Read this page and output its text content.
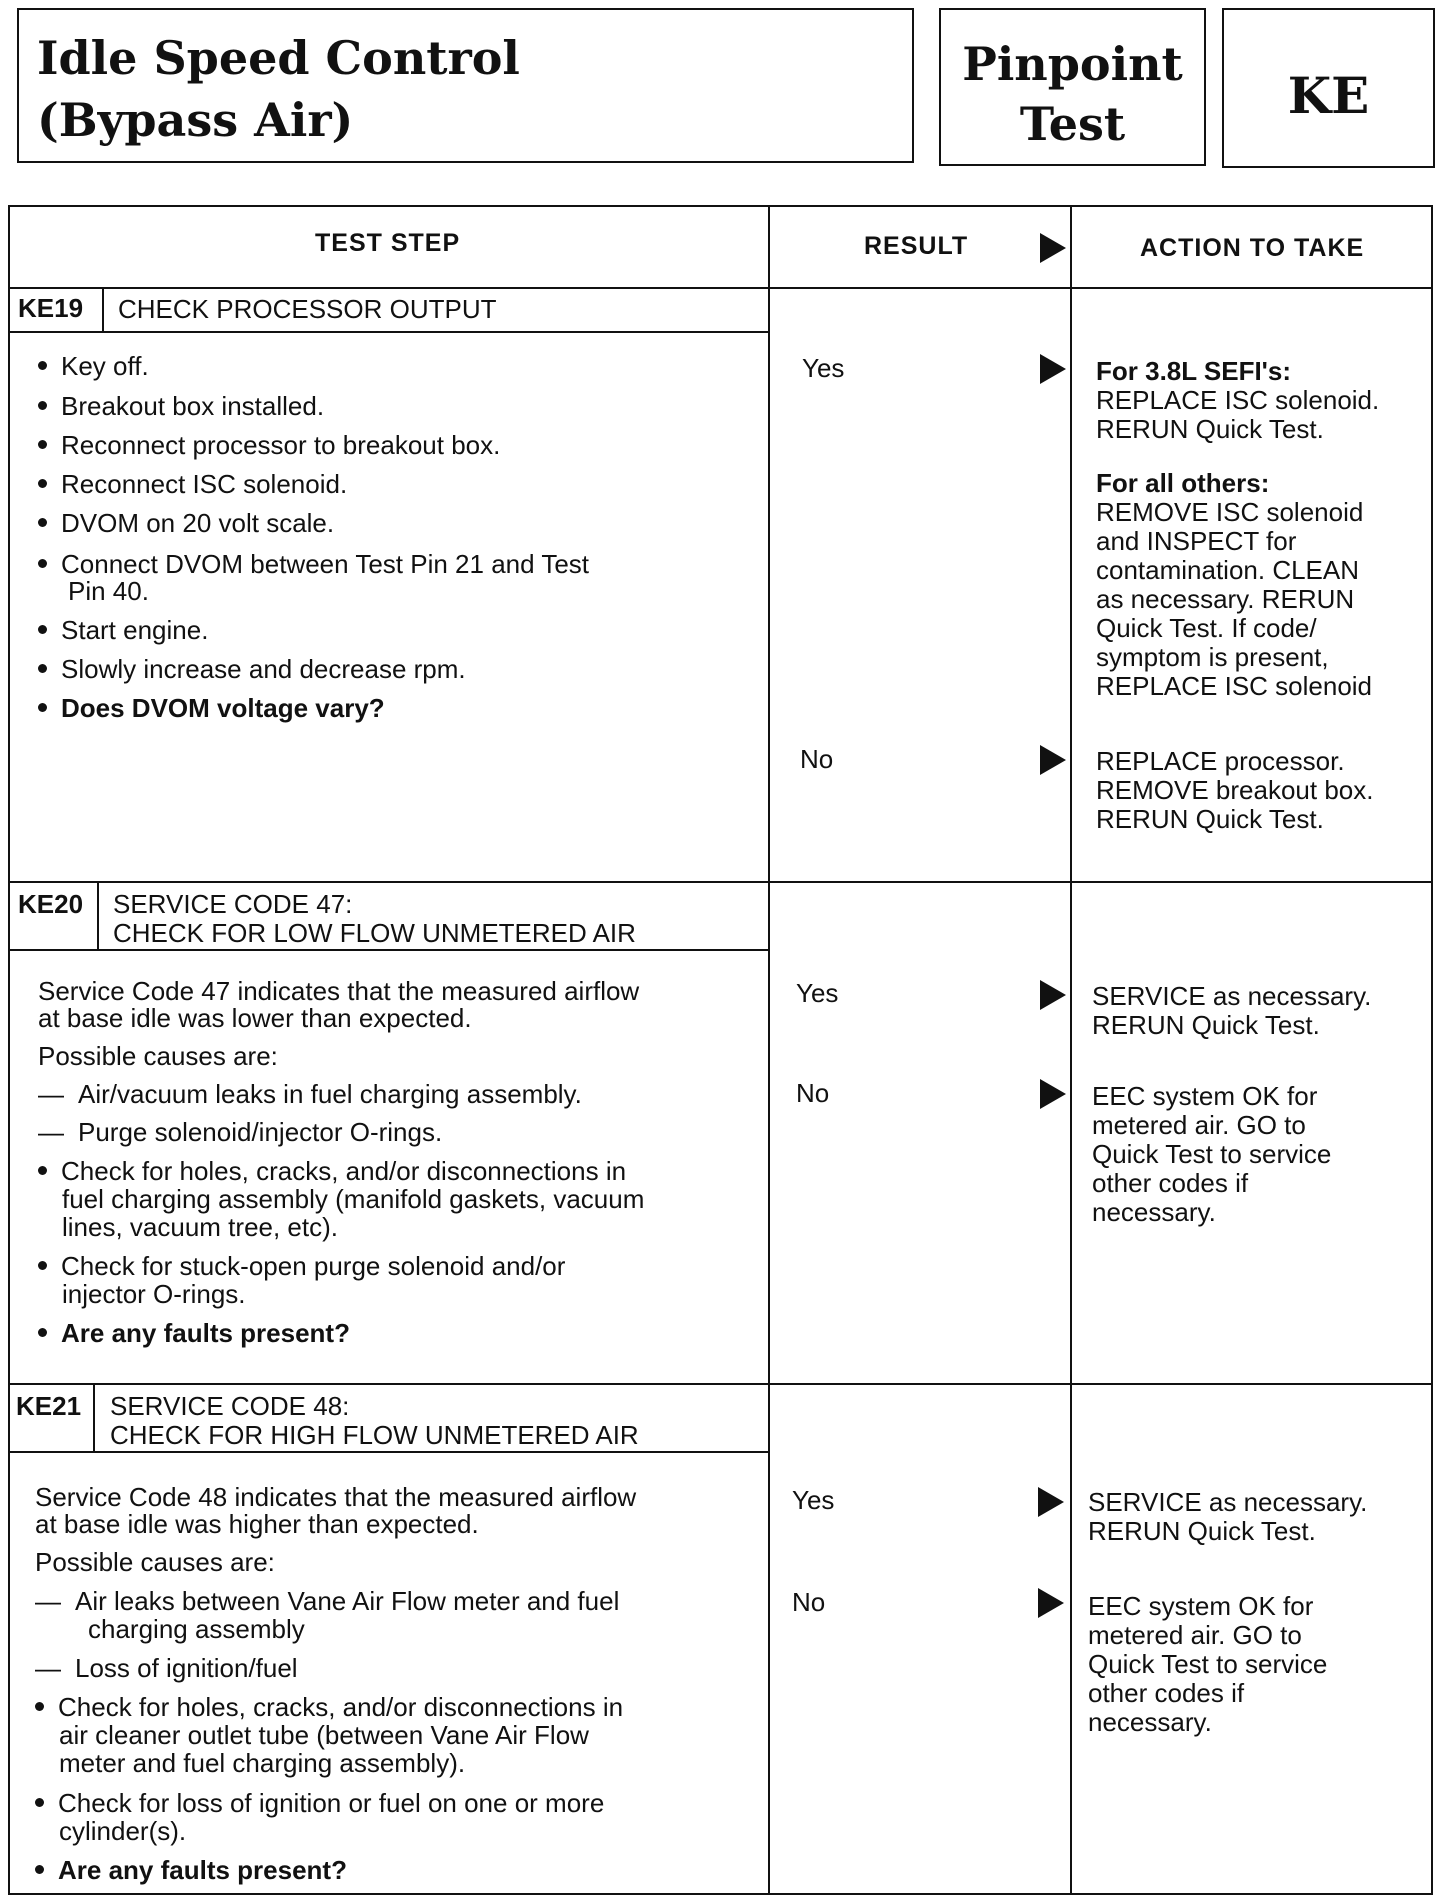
Idle Speed Control
(Bypass Air)
Pinpoint
Test	KE
TEST STEP	RESULT	ACTION TO TAKE
KE19 CHECK PROCESSOR OUTPUT
Key off.
Breakout box installed.
Reconnect processor to breakout box.
Reconnect ISC solenoid.
DVOM on 20 volt scale.
Connect DVOM between Test Pin 21 and Test
Pin 40.
Start engine.
Slowly increase and decrease rpm.
Does DVOM voltage vary?
Yes	For 3.8L SEFI's:
REPLACE ISC solenoid.
RERUN Quick Test.
For all others:
REMOVE ISC solenoid
and INSPECT for
contamination. CLEAN
as necessary. RERUN
Quick Test. If code/
symptom is present,
REPLACE ISC solenoid
No	REPLACE processor.
REMOVE breakout box.
RERUN Quick Test.
KE20 SERVICE CODE 47:
CHECK FOR LOW FLOW UNMETERED AIR
Service Code 47 indicates that the measured airflow
at base idle was lower than expected.
Possible causes are:
— Air/vacuum leaks in fuel charging assembly.
— Purge solenoid/injector O-rings.
Check for holes, cracks, and/or disconnections in
fuel charging assembly (manifold gaskets, vacuum
lines, vacuum tree, etc).
Check for stuck-open purge solenoid and/or
injector O-rings.
Are any faults present?
Yes	SERVICE as necessary.
RERUN Quick Test.
No	EEC system OK for
metered air. GO to
Quick Test to service
other codes if
necessary.
KE21 SERVICE CODE 48:
CHECK FOR HIGH FLOW UNMETERED AIR
Service Code 48 indicates that the measured airflow
at base idle was higher than expected.
Possible causes are:
— Air leaks between Vane Air Flow meter and fuel
charging assembly
— Loss of ignition/fuel
Check for holes, cracks, and/or disconnections in
air cleaner outlet tube (between Vane Air Flow
meter and fuel charging assembly).
Check for loss of ignition or fuel on one or more
cylinder(s).
Are any faults present?
Yes	SERVICE as necessary.
RERUN Quick Test.
No	EEC system OK for
metered air. GO to
Quick Test to service
other codes if
necessary.
